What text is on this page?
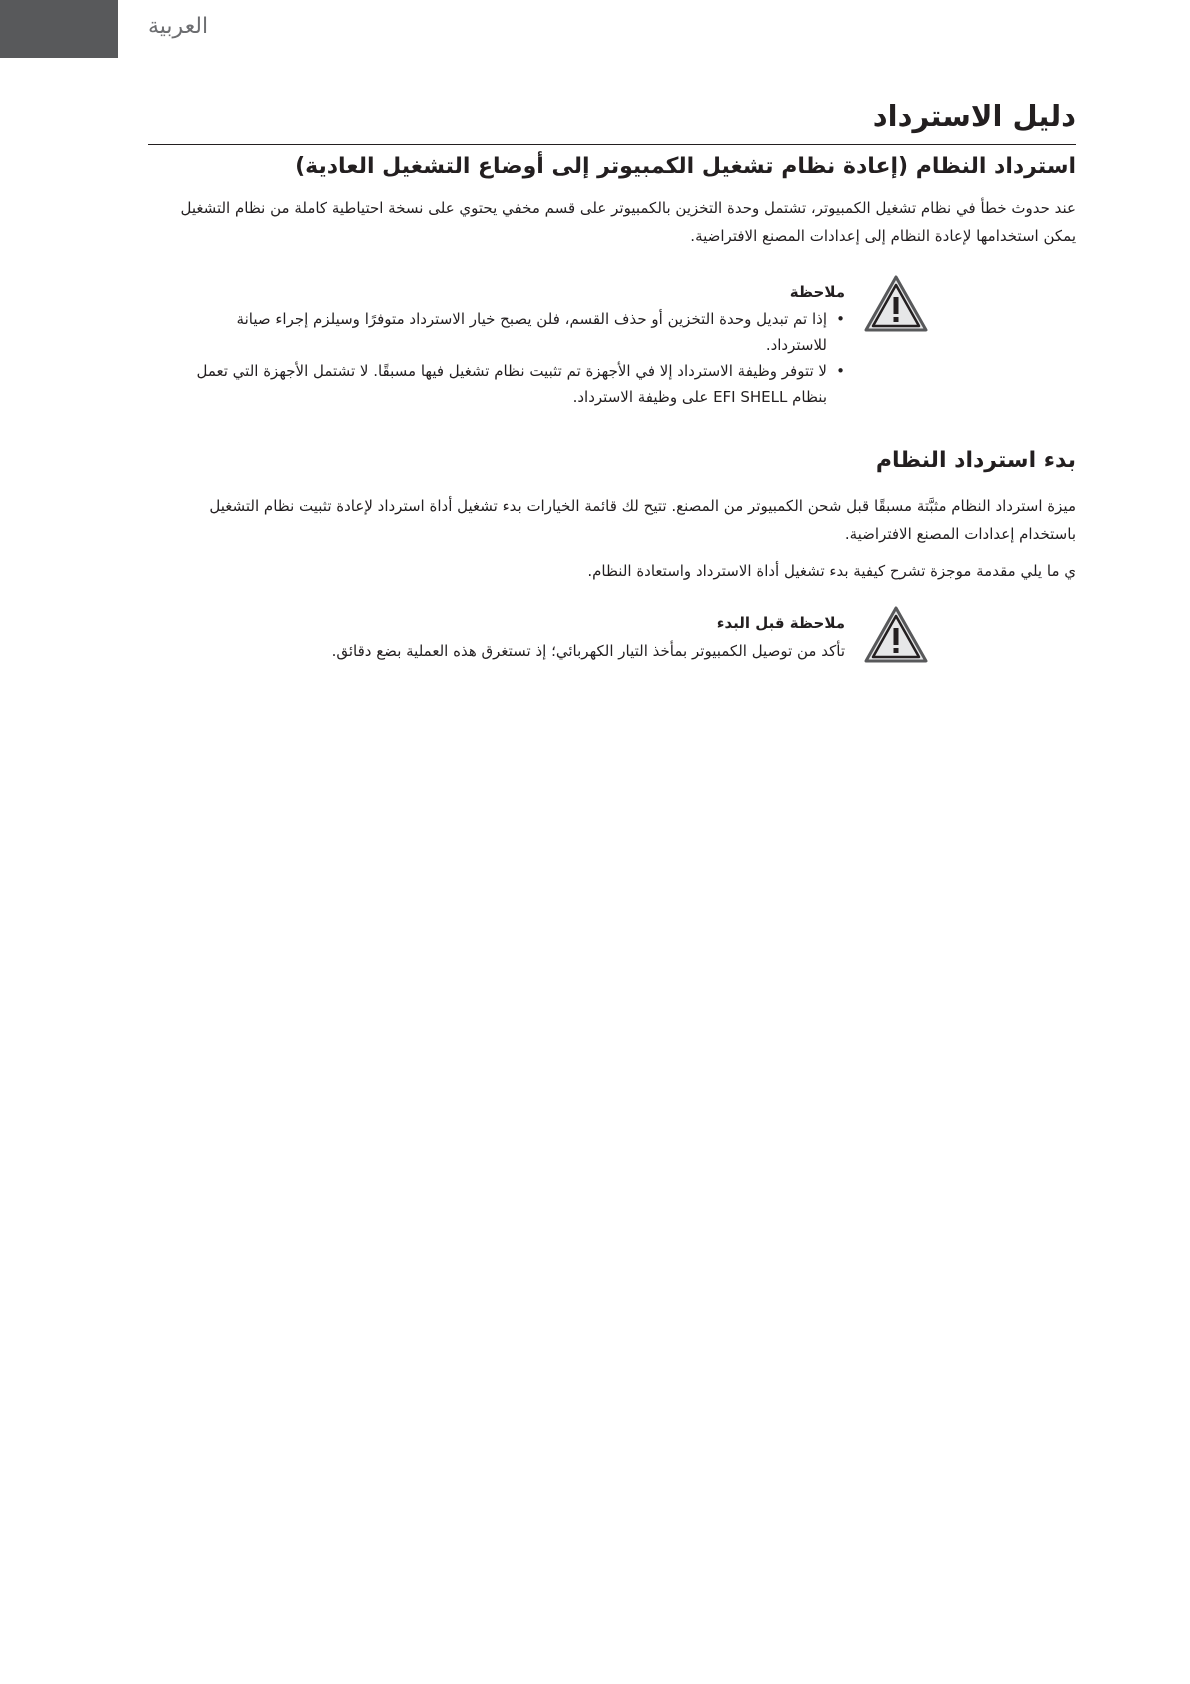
العربية
دليل الاسترداد
استرداد النظام (إعادة نظام تشغيل الكمبيوتر إلى أوضاع التشغيل العادية)

عند حدوث خطأ في نظام تشغيل الكمبيوتر، تشتمل وحدة التخزين بالكمبيوتر على قسم مخفي يحتوي على نسخة احتياطية كاملة من نظام التشغيل يمكن استخدامها لإعادة النظام إلى إعدادات المصنع الافتراضية.

ملاحظة

• إذا تم تبديل وحدة التخزين أو حذف القسم، فلن يصبح خيار الاسترداد متوفرًا وسيلزم إجراء صيانة للاسترداد.
• لا تتوفر وظيفة الاسترداد إلا في الأجهزة تم تثبيت نظام تشغيل فيها مسبقًا. لا تشتمل الأجهزة التي تعمل بنظام EFI SHELL على وظيفة الاسترداد.
بدء استرداد النظام

ميزة استرداد النظام مثبَّتة مسبقًا قبل شحن الكمبيوتر من المصنع. تتيح لك قائمة الخيارات بدء تشغيل أداة استرداد لإعادة تثبيت نظام التشغيل باستخدام إعدادات المصنع الافتراضية.

ي ما يلي مقدمة موجزة تشرح كيفية بدء تشغيل أداة الاسترداد واستعادة النظام.

ملاحظة قبل البدء

تأكد من توصيل الكمبيوتر بمأخذ التيار الكهربائي؛ إذ تستغرق هذه العملية بضع دقائق.
